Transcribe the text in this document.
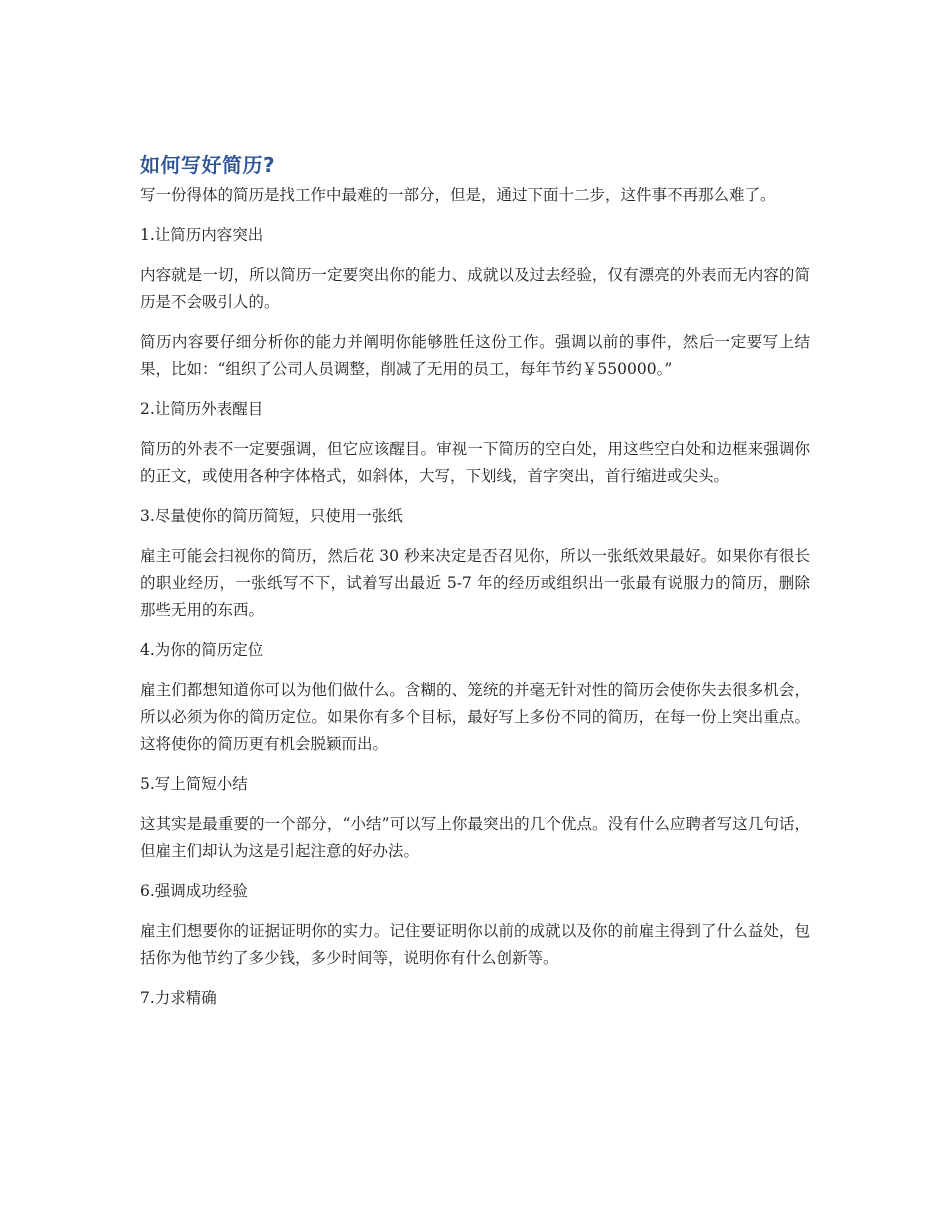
如何写好简历?

写一份得体的简历是找工作中最难的一部分，但是，通过下面十二步，这件事不再那么难了。

1.让简历内容突出

内容就是一切，所以简历一定要突出你的能力、成就以及过去经验，仅有漂亮的外表而无内容的简历是不会吸引人的。

简历内容要仔细分析你的能力并阐明你能够胜任这份工作。强调以前的事件，然后一定要写上结果，比如：“组织了公司人员调整，削减了无用的员工，每年节约￥550000。”

2.让简历外表醒目

简历的外表不一定要强调，但它应该醒目。审视一下简历的空白处，用这些空白处和边框来强调你的正文，或使用各种字体格式，如斜体，大写，下划线，首字突出，首行缩进或尖头。

3.尽量使你的简历简短，只使用一张纸

雇主可能会扫视你的简历，然后花 30 秒来决定是否召见你，所以一张纸效果最好。如果你有很长的职业经历，一张纸写不下，试着写出最近 5-7 年的经历或组织出一张最有说服力的简历，删除那些无用的东西。

4.为你的简历定位

雇主们都想知道你可以为他们做什么。含糊的、笼统的并毫无针对性的简历会使你失去很多机会，所以必须为你的简历定位。如果你有多个目标，最好写上多份不同的简历，在每一份上突出重点。这将使你的简历更有机会脱颖而出。

5.写上简短小结

这其实是最重要的一个部分，“小结”可以写上你最突出的几个优点。没有什么应聘者写这几句话，但雇主们却认为这是引起注意的好办法。

6.强调成功经验

雇主们想要你的证据证明你的实力。记住要证明你以前的成就以及你的前雇主得到了什么益处，包括你为他节约了多少钱，多少时间等，说明你有什么创新等。

7.力求精确
